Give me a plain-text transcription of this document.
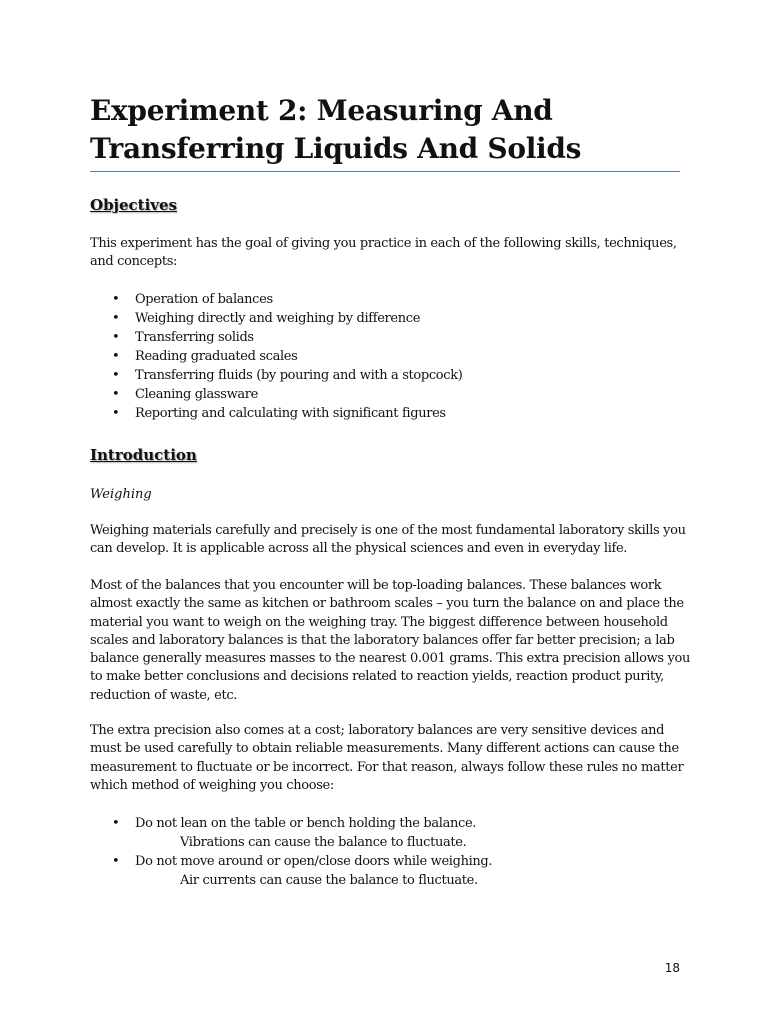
Experiment 2: Measuring And
Transferring Liquids And Solids
Objectives

This experiment has the goal of giving you practice in each of the following skills, techniques, and concepts:

• Operation of balances
• Weighing directly and weighing by difference
• Transferring solids
• Reading graduated scales
• Transferring fluids (by pouring and with a stopcock)
• Cleaning glassware
• Reporting and calculating with significant figures
Introduction

Weighing

Weighing materials carefully and precisely is one of the most fundamental laboratory skills you can develop. It is applicable across all the physical sciences and even in everyday life.

Most of the balances that you encounter will be top-loading balances. These balances work almost exactly the same as kitchen or bathroom scales – you turn the balance on and place the material you want to weigh on the weighing tray. The biggest difference between household scales and laboratory balances is that the laboratory balances offer far better precision; a lab balance generally measures masses to the nearest 0.001 grams. This extra precision allows you to make better conclusions and decisions related to reaction yields, reaction product purity, reduction of waste, etc.

The extra precision also comes at a cost; laboratory balances are very sensitive devices and must be used carefully to obtain reliable measurements. Many different actions can cause the measurement to fluctuate or be incorrect. For that reason, always follow these rules no matter which method of weighing you choose:

• Do not lean on the table or bench holding the balance.
Vibrations can cause the balance to fluctuate.
• Do not move around or open/close doors while weighing.
Air currents can cause the balance to fluctuate.

18
